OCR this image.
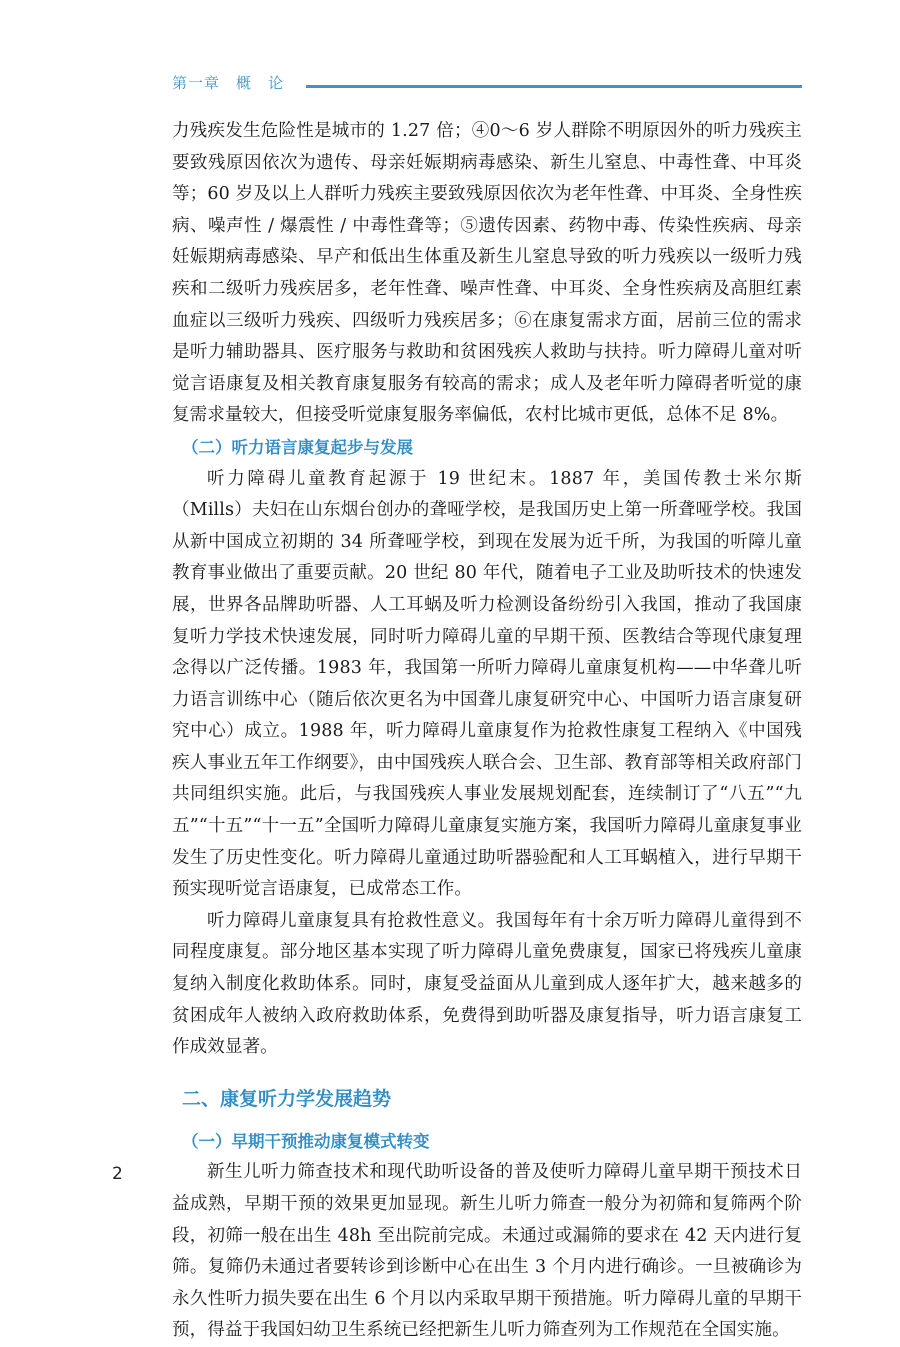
第一章　概　论

力残疾发生危险性是城市的 1.27 倍；④0～6 岁人群除不明原因外的听力残疾主要致残原因依次为遗传、母亲妊娠期病毒感染、新生儿窒息、中毒性聋、中耳炎等；60 岁及以上人群听力残疾主要致残原因依次为老年性聋、中耳炎、全身性疾病、噪声性 / 爆震性 / 中毒性聋等；⑤遗传因素、药物中毒、传染性疾病、母亲妊娠期病毒感染、早产和低出生体重及新生儿窒息导致的听力残疾以一级听力残疾和二级听力残疾居多，老年性聋、噪声性聋、中耳炎、全身性疾病及高胆红素血症以三级听力残疾、四级听力残疾居多；⑥在康复需求方面，居前三位的需求是听力辅助器具、医疗服务与救助和贫困残疾人救助与扶持。听力障碍儿童对听觉言语康复及相关教育康复服务有较高的需求；成人及老年听力障碍者听觉的康复需求量较大，但接受听觉康复服务率偏低，农村比城市更低，总体不足 8%。

（二）听力语言康复起步与发展

听力障碍儿童教育起源于 19 世纪末。1887 年，美国传教士米尔斯（Mills）夫妇在山东烟台创办的聋哑学校，是我国历史上第一所聋哑学校。我国从新中国成立初期的 34 所聋哑学校，到现在发展为近千所，为我国的听障儿童教育事业做出了重要贡献。20 世纪 80 年代，随着电子工业及助听技术的快速发展，世界各品牌助听器、人工耳蜗及听力检测设备纷纷引入我国，推动了我国康复听力学技术快速发展，同时听力障碍儿童的早期干预、医教结合等现代康复理念得以广泛传播。1983 年，我国第一所听力障碍儿童康复机构——中华聋儿听力语言训练中心（随后依次更名为中国聋儿康复研究中心、中国听力语言康复研究中心）成立。1988 年，听力障碍儿童康复作为抢救性康复工程纳入《中国残疾人事业五年工作纲要》，由中国残疾人联合会、卫生部、教育部等相关政府部门共同组织实施。此后，与我国残疾人事业发展规划配套，连续制订了“八五”“九五”“十五”“十一五”全国听力障碍儿童康复实施方案，我国听力障碍儿童康复事业发生了历史性变化。听力障碍儿童通过助听器验配和人工耳蜗植入，进行早期干预实现听觉言语康复，已成常态工作。

听力障碍儿童康复具有抢救性意义。我国每年有十余万听力障碍儿童得到不同程度康复。部分地区基本实现了听力障碍儿童免费康复，国家已将残疾儿童康复纳入制度化救助体系。同时，康复受益面从儿童到成人逐年扩大，越来越多的贫困成年人被纳入政府救助体系，免费得到助听器及康复指导，听力语言康复工作成效显著。

二、康复听力学发展趋势
（一）早期干预推动康复模式转变

新生儿听力筛查技术和现代助听设备的普及使听力障碍儿童早期干预技术日益成熟，早期干预的效果更加显现。新生儿听力筛查一般分为初筛和复筛两个阶段，初筛一般在出生 48h 至出院前完成。未通过或漏筛的要求在 42 天内进行复筛。复筛仍未通过者要转诊到诊断中心在出生 3 个月内进行确诊。一旦被确诊为永久性听力损失要在出生 6 个月以内采取早期干预措施。听力障碍儿童的早期干预，得益于我国妇幼卫生系统已经把新生儿听力筛查列为工作规范在全国实施。

2
